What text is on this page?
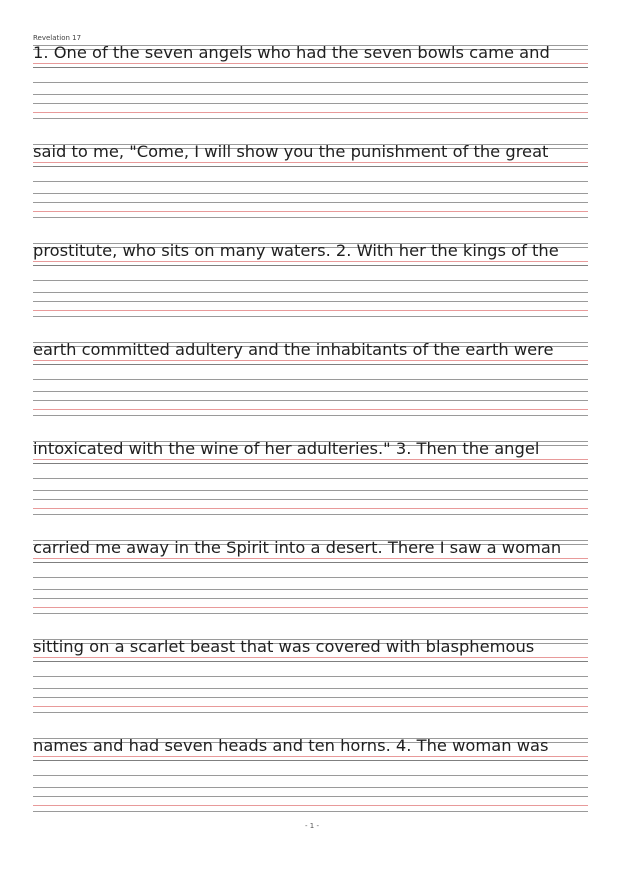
Revelation 17
1. One of the seven angels who had the seven bowls came and
said to me, "Come, I will show you the punishment of the great
prostitute, who sits on many waters. 2. With her the kings of the
earth committed adultery and the inhabitants of the earth were
intoxicated with the wine of her adulteries." 3. Then the angel
carried me away in the Spirit into a desert. There I saw a woman
sitting on a scarlet beast that was covered with blasphemous
names and had seven heads and ten horns. 4. The woman was
- 1 -
